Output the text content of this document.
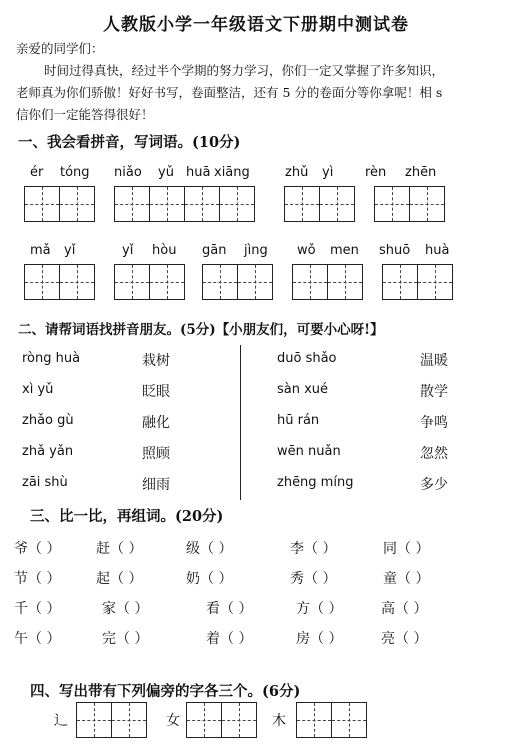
人教版小学一年级语文下册期中测试卷
亲爱的同学们：
时间过得真快，经过半个学期的努力学习，你们一定又掌握了许多知识，
老师真为你们骄傲！好好书写，卷面整洁，还有 5 分的卷面分等你拿呢！相 s
信你们一定能答得很好！
一、我会看拼音，写词语。(10分)
ér tóng niǎo yǔ huā xiāng	zhǔ yì rèn zhēn
mǎ yǐ	yǐ hòu gān jìng wǒ men shuō huà
二、请帮词语找拼音朋友。(5分)【小朋友们，可要小心呀!】
ròng huà	栽树
xì yǔ	眨眼
zhǎo gù	融化
zhǎ yǎn	照顾
zāi shù	细雨
duō shǎo	温暖
sàn xué	散学
hū rán	争鸣
wēn nuǎn	忽然
zhēng míng	多少
三、比一比，再组词。(20分)
爷（ ）	赶（ ）	级（ ）	李（ ）	同（ ）
节（ ）	起（ ）	奶（ ）	秀（ ）	童（ ）
千（ ）	家（ ）	看（ ）	方（ ）	高（ ）
午（ ）	完（ ）	着（ ）	房（ ）	亮（ ）
四、写出带有下列偏旁的字各三个。(6分)
辶	女	木
